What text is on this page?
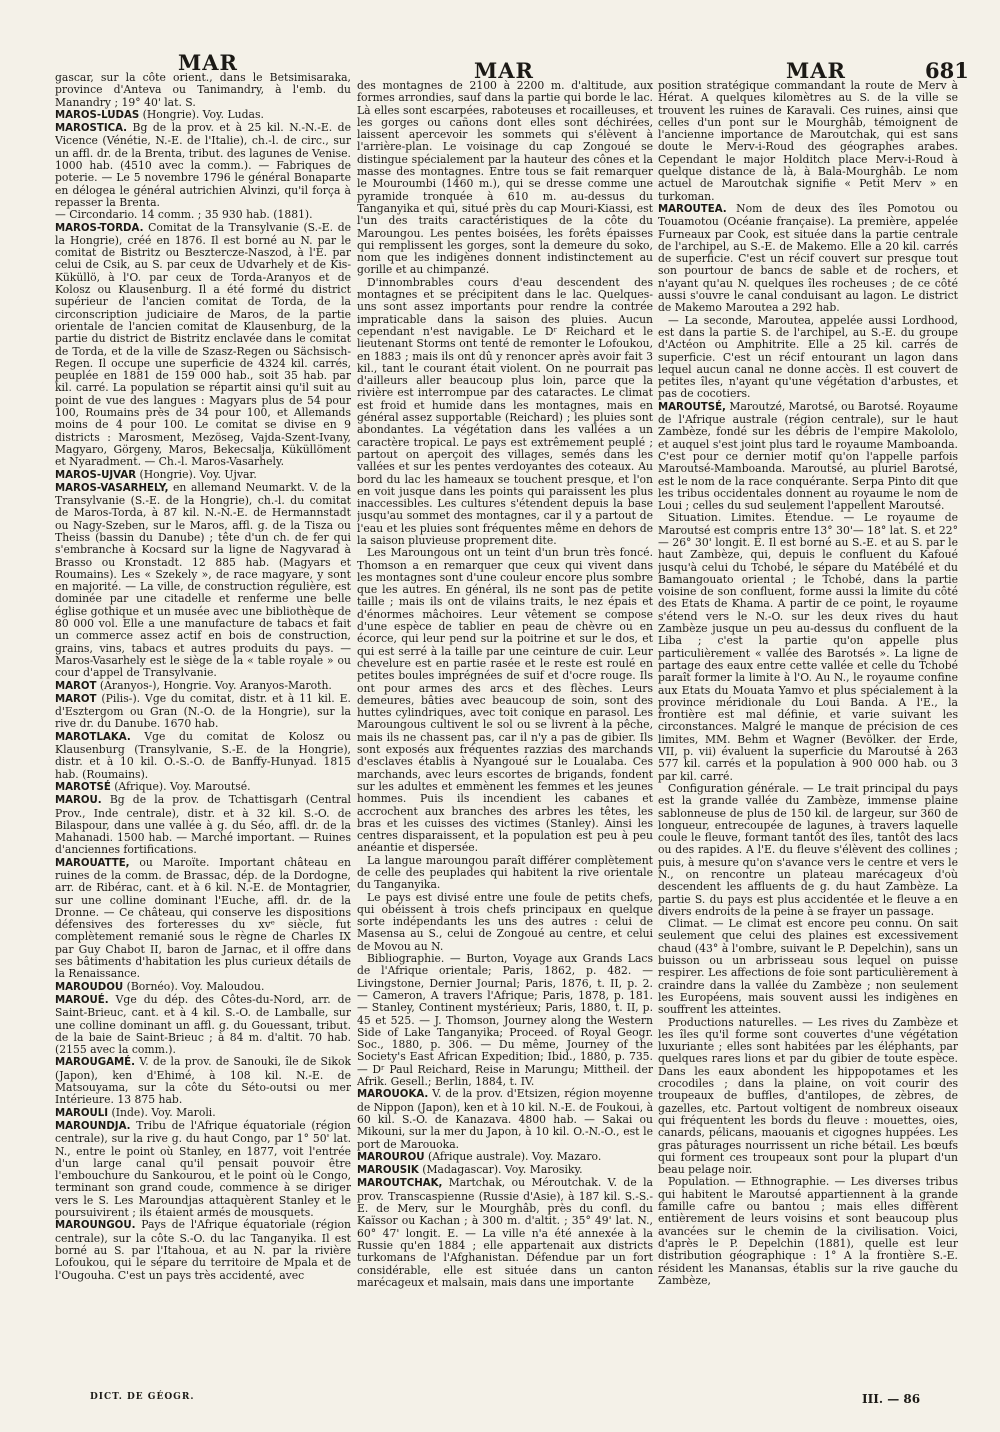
MAR	MAR	MAR	681

gascar, sur la côte orient., dans le Betsimisaraka, province d'Anteva ou Tanimandry, à l'emb. du Manandry ; 19° 40' lat. S.

MAROS-LUDAS (Hongrie). Voy. Ludas.

MAROSTICA. Bg de la prov. et à 25 kil. N.-N.-E. de Vicence (Vénétie, N.-E. de l'Italie), ch.-l. de circ., sur un affl. dr. de la Brenta, tribut. des lagunes de Venise. 1000 hab. (4510 avec la comm.). — Fabriques de poterie. — Le 5 novembre 1796 le général Bonaparte en délogea le général autrichien Alvinzi, qu'il força à repasser la Brenta.

— Circondario. 14 comm. ; 35 930 hab. (1881).

MAROS-TORDA. Comitat de la Transylvanie (S.-E. de la Hongrie), créé en 1876. Il est borné au N. par le comitat de Bistritz ou Besztercze-Naszod, à l'E. par celui de Csik, au S. par ceux de Udvarhely et de Kis-Küküllö, à l'O. par ceux de Torda-Aranyos et de Kolosz ou Klausenburg. Il a été formé du district supérieur de l'ancien comitat de Torda, de la circonscription judiciaire de Maros, de la partie orientale de l'ancien comitat de Klausenburg, de la partie du district de Bistritz enclavée dans le comitat de Torda, et de la ville de Szasz-Regen ou Sächsisch-Regen. Il occupe une superficie de 4324 kil. carrés, peuplée en 1881 de 159 000 hab., soit 35 hab. par kil. carré. La population se répartit ainsi qu'il suit au point de vue des langues : Magyars plus de 54 pour 100, Roumains près de 34 pour 100, et Allemands moins de 4 pour 100. Le comitat se divise en 9 districts : Marosment, Mezöseg, Vajda-Szent-Ivany, Magyaro, Görgeny, Maros, Bekecsalja, Küküllöment et Nyaradment. — Ch.-l. Maros-Vasarhely.

MAROS-UJVAR (Hongrie). Voy. Ujvar.

MAROS-VASARHELY, en allemand Neumarkt. V. de la Transylvanie (S.-E. de la Hongrie), ch.-l. du comitat de Maros-Torda, à 87 kil. N.-N.-E. de Hermannstadt ou Nagy-Szeben, sur le Maros, affl. g. de la Tisza ou Theiss (bassin du Danube) ; tête d'un ch. de fer qui s'embranche à Kocsard sur la ligne de Nagyvarad à Brasso ou Kronstadt. 12 885 hab. (Magyars et Roumains). Les « Szekely », de race magyare, y sont en majorité. — La ville, de construction régulière, est dominée par une citadelle et renferme une belle église gothique et un musée avec une bibliothèque de 80 000 vol. Elle a une manufacture de tabacs et fait un commerce assez actif en bois de construction, grains, vins, tabacs et autres produits du pays. — Maros-Vasarhely est le siège de la « table royale » ou cour d'appel de Transylvanie.

MAROT (Aranyos-), Hongrie. Voy. Aranyos-Maroth.

MAROT (Pilis-). Vge du comitat, distr. et à 11 kil. E. d'Esztergom ou Gran (N.-O. de la Hongrie), sur la rive dr. du Danube. 1670 hab.

MAROTLAKA. Vge du comitat de Kolosz ou Klausenburg (Transylvanie, S.-E. de la Hongrie), distr. et à 10 kil. O.-S.-O. de Banffy-Hunyad. 1815 hab. (Roumains).

MAROTSÉ (Afrique). Voy. Maroutsé.

MAROU. Bg de la prov. de Tchattisgarh (Central Prov., Inde centrale), distr. et à 32 kil. S.-O. de Bilaspour, dans une vallée à g. du Séo, affl. dr. de la Mahanadi. 1500 hab. — Marché important. — Ruines d'anciennes fortifications.

MAROUATTE, ou Maroïte. Important château en ruines de la comm. de Brassac, dép. de la Dordogne, arr. de Ribérac, cant. et à 6 kil. N.-E. de Montagrier, sur une colline dominant l'Euche, affl. dr. de la Dronne. — Ce château, qui conserve les dispositions défensives des forteresses du xvᵉ siècle, fut complètement remanié sous le règne de Charles IX par Guy Chabot II, baron de Jarnac, et il offre dans ses bâtiments d'habitation les plus curieux détails de la Renaissance.

MAROUDOU (Bornéo). Voy. Maloudou.

MAROUÉ. Vge du dép. des Côtes-du-Nord, arr. de Saint-Brieuc, cant. et à 4 kil. S.-O. de Lamballe, sur une colline dominant un affl. g. du Gouessant, tribut. de la baie de Saint-Brieuc ; à 84 m. d'altit. 70 hab. (2155 avec la comm.).

MAROUGAMÉ. V. de la prov. de Sanouki, île de Sikok (Japon), ken d'Ehimé, à 108 kil. N.-E. de Matsouyama, sur la côte du Séto-outsi ou mer Intérieure. 13 875 hab.

MAROULI (Inde). Voy. Maroli.

MAROUNDJA. Tribu de l'Afrique équatoriale (région centrale), sur la rive g. du haut Congo, par 1° 50' lat. N., entre le point où Stanley, en 1877, voit l'entrée d'un large canal qu'il pensait pouvoir être l'embouchure du Sankourou, et le point où le Congo, terminant son grand coude, commence à se diriger vers le S. Les Maroundjas attaquèrent Stanley et le poursuivirent ; ils étaient armés de mousquets.

MAROUNGOU. Pays de l'Afrique équatoriale (région centrale), sur la côte S.-O. du lac Tanganyika. Il est borné au S. par l'Itahoua, et au N. par la rivière Lofoukou, qui le sépare du territoire de Mpala et de l'Ougouha. C'est un pays très accidenté, avec

des montagnes de 2100 à 2200 m. d'altitude, aux formes arrondies, sauf dans la partie qui borde le lac. Là elles sont escarpées, raboteuses et rocailleuses, et les gorges ou cañons dont elles sont déchirées, laissent apercevoir les sommets qui s'élèvent à l'arrière-plan. Le voisinage du cap Zongoué se distingue spécialement par la hauteur des cônes et la masse des montagnes. Entre tous se fait remarquer le Mouroumbi (1460 m.), qui se dresse comme une pyramide tronquée à 610 m. au-dessus du Tanganyika et qui, situé près du cap Mouri-Kiassi, est l'un des traits caractéristiques de la côte du Maroungou. Les pentes boisées, les forêts épaisses qui remplissent les gorges, sont la demeure du soko, nom que les indigènes donnent indistinctement au gorille et au chimpanzé.

D'innombrables cours d'eau descendent des montagnes et se précipitent dans le lac. Quelques-uns sont assez importants pour rendre la contrée impraticable dans la saison des pluies. Aucun cependant n'est navigable. Le Dʳ Reichard et le lieutenant Storms ont tenté de remonter le Lofoukou, en 1883 ; mais ils ont dû y renoncer après avoir fait 3 kil., tant le courant était violent. On ne pourrait pas d'ailleurs aller beaucoup plus loin, parce que la rivière est interrompue par des cataractes. Le climat est froid et humide dans les montagnes, mais en général assez supportable (Reichard) ; les pluies sont abondantes. La végétation dans les vallées a un caractère tropical. Le pays est extrêmement peuplé ; partout on aperçoit des villages, semés dans les vallées et sur les pentes verdoyantes des coteaux. Au bord du lac les hameaux se touchent presque, et l'on en voit jusque dans les points qui paraissent les plus inaccessibles. Les cultures s'étendent depuis la base jusqu'au sommet des montagnes, car il y a partout de l'eau et les pluies sont fréquentes même en dehors de la saison pluvieuse proprement dite.

Les Maroungous ont un teint d'un brun très foncé. Thomson a en remarquer que ceux qui vivent dans les montagnes sont d'une couleur encore plus sombre que les autres. En général, ils ne sont pas de petite taille ; mais ils ont de vilains traits, le nez épais et d'énormes mâchoires. Leur vêtement se compose d'une espèce de tablier en peau de chèvre ou en écorce, qui leur pend sur la poitrine et sur le dos, et qui est serré à la taille par une ceinture de cuir. Leur chevelure est en partie rasée et le reste est roulé en petites boules imprégnées de suif et d'ocre rouge. Ils ont pour armes des arcs et des flèches. Leurs demeures, bâties avec beaucoup de soin, sont des huttes cylindriques, avec toit conique en parasol. Les Maroungous cultivent le sol ou se livrent à la pêche, mais ils ne chassent pas, car il n'y a pas de gibier. Ils sont exposés aux fréquentes razzias des marchands d'esclaves établis à Nyangoué sur le Loualaba. Ces marchands, avec leurs escortes de brigands, fondent sur les adultes et emmènent les femmes et les jeunes hommes. Puis ils incendient les cabanes et accrochent aux branches des arbres les têtes, les bras et les cuisses des victimes (Stanley). Ainsi les centres disparaissent, et la population est peu à peu anéantie et dispersée.

La langue maroungou paraît différer complètement de celle des peuplades qui habitent la rive orientale du Tanganyika.

Le pays est divisé entre une foule de petits chefs, qui obéissent à trois chefs principaux en quelque sorte indépendants les uns des autres : celui de Masensa au S., celui de Zongoué au centre, et celui de Movou au N.

Bibliographie. — Burton, Voyage aux Grands Lacs de l'Afrique orientale; Paris, 1862, p. 482. — Livingstone, Dernier Journal; Paris, 1876, t. II, p. 2. — Cameron, A travers l'Afrique; Paris, 1878, p. 181. — Stanley, Continent mystérieux; Paris, 1880, t. II, p. 45 et 525. — J. Thomson, Journey along the Western Side of Lake Tanganyika; Proceed. of Royal Geogr. Soc., 1880, p. 306. — Du même, Journey of the Society's East African Expedition; Ibid., 1880, p. 735. — Dʳ Paul Reichard, Reise in Marungu; Mittheil. der Afrik. Gesell.; Berlin, 1884, t. IV.

MAROUOKA. V. de la prov. d'Etsizen, région moyenne de Nippon (Japon), ken et à 10 kil. N.-E. de Foukoui, à 60 kil. S.-O. de Kanazava. 4800 hab. — Sakai ou Mikouni, sur la mer du Japon, à 10 kil. O.-N.-O., est le port de Marouoka.

MAROUROU (Afrique australe). Voy. Mazaro.

MAROUSIK (Madagascar). Voy. Marosiky.

MAROUTCHAK, Martchak, ou Méroutchak. V. de la prov. Transcaspienne (Russie d'Asie), à 187 kil. S.-S.-E. de Merv, sur le Mourghâb, près du confl. du Kaïssor ou Kachan ; à 300 m. d'altit. ; 35° 49' lat. N., 60° 47' longit. E. — La ville n'a été annexée à la Russie qu'en 1884 ; elle appartenait aux districts turkomans de l'Afghanistan. Défendue par un fort considérable, elle est située dans un canton marécageux et malsain, mais dans une importante

position stratégique commandant la route de Merv à Hérat. A quelques kilomètres au S. de la ville se trouvent les ruines de Karavali. Ces ruines, ainsi que celles d'un pont sur le Mourghâb, témoignent de l'ancienne importance de Maroutchak, qui est sans doute le Merv-i-Roud des géographes arabes. Cependant le major Holditch place Merv-i-Roud à quelque distance de là, à Bala-Mourghâb. Le nom actuel de Maroutchak signifie « Petit Merv » en turkoman.

MAROUTEA. Nom de deux des îles Pomotou ou Touamotou (Océanie française). La première, appelée Furneaux par Cook, est située dans la partie centrale de l'archipel, au S.-E. de Makemo. Elle a 20 kil. carrés de superficie. C'est un récif couvert sur presque tout son pourtour de bancs de sable et de rochers, et n'ayant qu'au N. quelques îles rocheuses ; de ce côté aussi s'ouvre le canal conduisant au lagon. Le district de Makemo Maroutea a 292 hab.

— La seconde, Maroutea, appelée aussi Lordhood, est dans la partie S. de l'archipel, au S.-E. du groupe d'Actéon ou Amphitrite. Elle a 25 kil. carrés de superficie. C'est un récif entourant un lagon dans lequel aucun canal ne donne accès. Il est couvert de petites îles, n'ayant qu'une végétation d'arbustes, et pas de cocotiers.

MAROUTSÉ, Maroutzé, Marotsé, ou Barotsé. Royaume de l'Afrique australe (région centrale), sur le haut Zambèze, fondé sur les débris de l'empire Makololo, et auquel s'est joint plus tard le royaume Mamboanda. C'est pour ce dernier motif qu'on l'appelle parfois Maroutsé-Mamboanda. Maroutsé, au pluriel Barotsé, est le nom de la race conquérante. Serpa Pinto dit que les tribus occidentales donnent au royaume le nom de Loui ; celles du sud seulement l'appellent Maroutsé.

Situation. Limites. Étendue. — Le royaume de Maroutsé est compris entre 13° 30'— 18° lat. S. et 22° — 26° 30' longit. E. Il est borné au S.-E. et au S. par le haut Zambèze, qui, depuis le confluent du Kafoué jusqu'à celui du Tchobé, le sépare du Matébélé et du Bamangouato oriental ; le Tchobé, dans la partie voisine de son confluent, forme aussi la limite du côté des Etats de Khama. A partir de ce point, le royaume s'étend vers le N.-O. sur les deux rives du haut Zambèze jusque un peu au-dessus du confluent de la Liba ; c'est la partie qu'on appelle plus particulièrement « vallée des Barotsés ». La ligne de partage des eaux entre cette vallée et celle du Tchobé paraît former la limite à l'O. Au N., le royaume confine aux Etats du Mouata Yamvo et plus spécialement à la province méridionale du Loui Banda. A l'E., la frontière est mal définie, et varie suivant les circonstances. Malgré le manque de précision de ces limites, MM. Behm et Wagner (Bevölker. der Erde, VII, p. vii) évaluent la superficie du Maroutsé à 263 577 kil. carrés et la population à 900 000 hab. ou 3 par kil. carré.

Configuration générale. — Le trait principal du pays est la grande vallée du Zambèze, immense plaine sablonneuse de plus de 150 kil. de largeur, sur 360 de longueur, entrecoupée de lagunes, à travers laquelle coule le fleuve, formant tantôt des îles, tantôt des lacs ou des rapides. A l'E. du fleuve s'élèvent des collines ; puis, à mesure qu'on s'avance vers le centre et vers le N., on rencontre un plateau marécageux d'où descendent les affluents de g. du haut Zambèze. La partie S. du pays est plus accidentée et le fleuve a en divers endroits de la peine à se frayer un passage.

Climat. — Le climat est encore peu connu. On sait seulement que celui des plaines est excessivement chaud (43° à l'ombre, suivant le P. Depelchin), sans un buisson ou un arbrisseau sous lequel on puisse respirer. Les affections de foie sont particulièrement à craindre dans la vallée du Zambèze ; non seulement les Européens, mais souvent aussi les indigènes en souffrent les atteintes.

Productions naturelles. — Les rives du Zambèze et les îles qu'il forme sont couvertes d'une végétation luxuriante ; elles sont habitées par les éléphants, par quelques rares lions et par du gibier de toute espèce. Dans les eaux abondent les hippopotames et les crocodiles ; dans la plaine, on voit courir des troupeaux de buffles, d'antilopes, de zèbres, de gazelles, etc. Partout voltigent de nombreux oiseaux qui fréquentent les bords du fleuve : mouettes, oies, canards, pélicans, maouanis et cigognes huppées. Les gras pâturages nourrissent un riche bétail. Les bœufs qui forment ces troupeaux sont pour la plupart d'un beau pelage noir.

Population. — Ethnographie. — Les diverses tribus qui habitent le Maroutsé appartiennent à la grande famille cafre ou bantou ; mais elles diffèrent entièrement de leurs voisins et sont beaucoup plus avancées sur le chemin de la civilisation. Voici, d'après le P. Depelchin (1881), quelle est leur distribution géographique : 1° A la frontière S.-E. résident les Manansas, établis sur la rive gauche du Zambèze,

DICT. DE GÉOGR.	III. — 86
